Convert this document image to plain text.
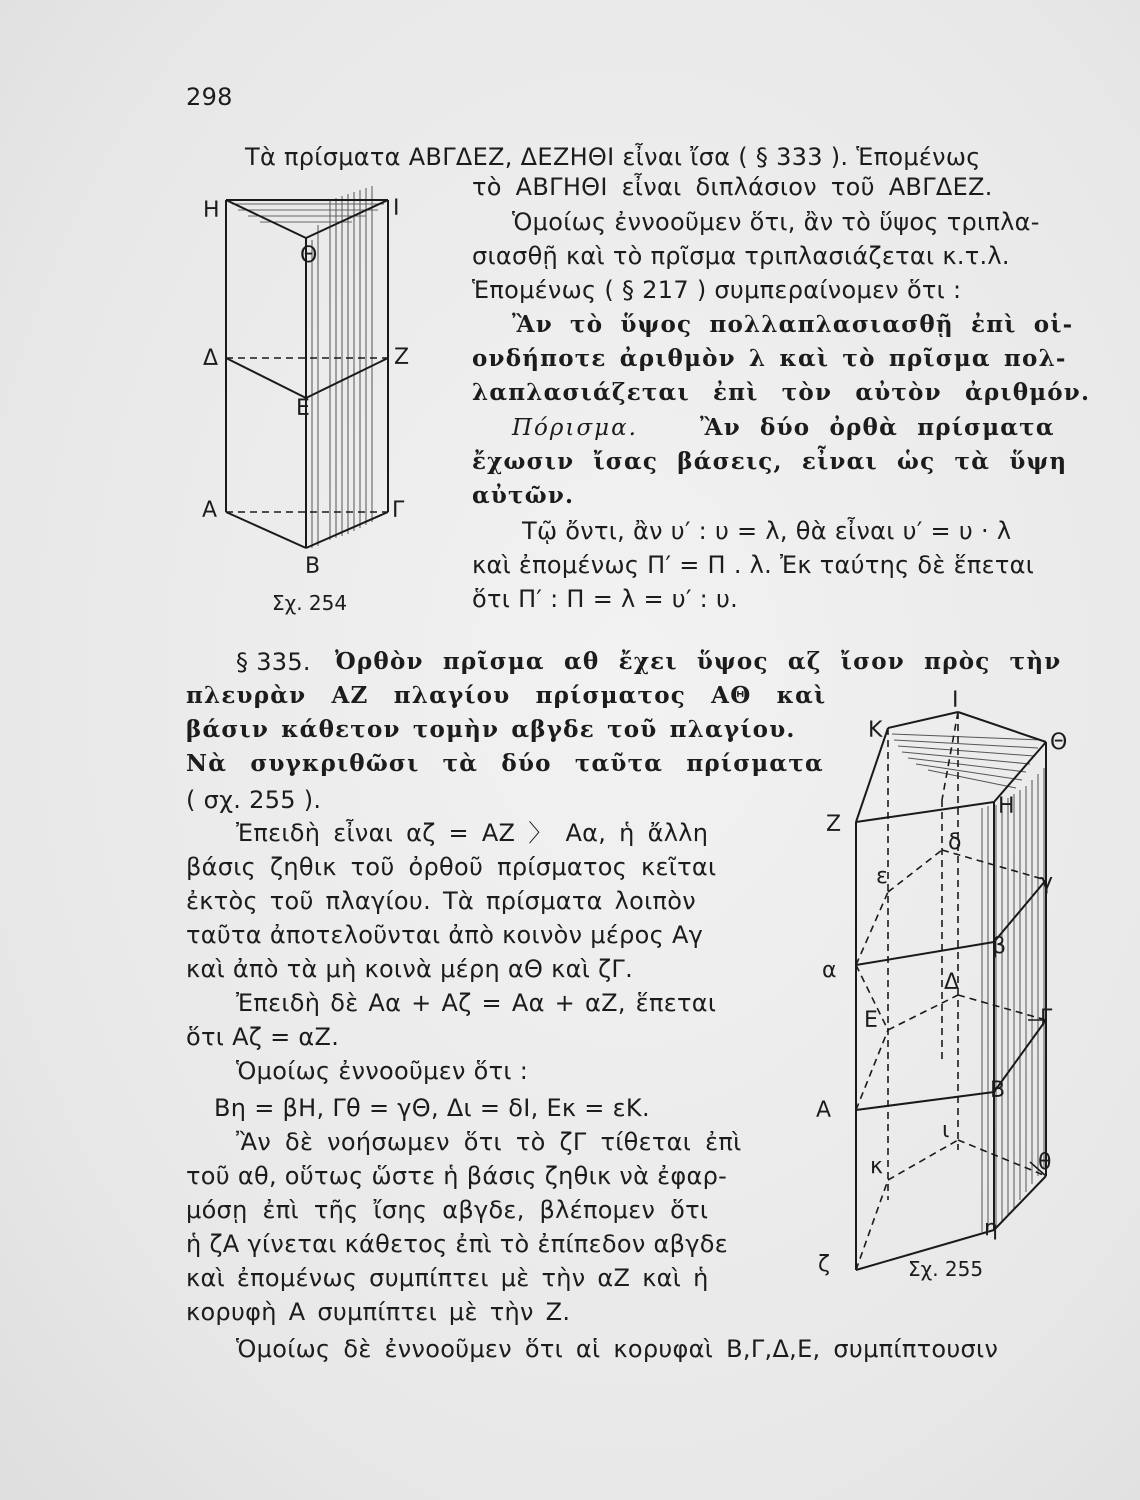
298
Τὰ πρίσματα ΑΒΓΔΕΖ, ΔΕΖΗΘΙ εἶναι ἴσα ( § 333 ). Ἑπομένως
τὸ ΑΒΓΗΘΙ εἶναι διπλάσιον τοῦ ΑΒΓΔΕΖ.
Ὁμοίως ἐννοοῦμεν ὅτι, ἂν τὸ ὕψος τριπλα-
σιασθῇ καὶ τὸ πρῖσμα τριπλασιάζεται κ.τ.λ.
Ἑπομένως ( § 217 ) συμπεραίνομεν ὅτι :
Ἂν τὸ ὕψος πολλαπλασιασθῇ ἐπὶ οἱ-
ονδήποτε ἀριθμὸν λ καὶ τὸ πρῖσμα πολ-
λαπλασιάζεται ἐπὶ τὸν αὐτὸν ἀριθμόν.
Πόρισμα.	Ἂν δύο ὀρθὰ πρίσματα
ἔχωσιν ἴσας βάσεις, εἶναι ὡς τὰ ὕψη
αὐτῶν.
Τῷ ὄντι, ἂν υ′ : υ = λ, θὰ εἶναι υ′ = υ · λ
καὶ ἐπομένως Π′ = Π . λ. Ἐκ ταύτης δὲ ἕπεται
ὅτι Π′ : Π = λ = υ′ : υ.
§ 335. Ὀρθὸν πρῖσμα αθ ἔχει ὕψος αζ ἴσον πρὸς τὴν
πλευρὰν ΑΖ πλαγίου πρίσματος ΑΘ καὶ
βάσιν κάθετον τομὴν αβγδε τοῦ πλαγίου.
Νὰ συγκριθῶσι τὰ δύο ταῦτα πρίσματα
( σχ. 255 ).
Ἐπειδὴ εἶναι αζ = ΑΖ 〉 Αα, ἡ ἄλλη
βάσις ζηθικ τοῦ ὀρθοῦ πρίσματος κεῖται
ἐκτὸς τοῦ πλαγίου. Τὰ πρίσματα λοιπὸν
ταῦτα ἀποτελοῦνται ἀπὸ κοινὸν μέρος Αγ
καὶ ἀπὸ τὰ μὴ κοινὰ μέρη αΘ καὶ ζΓ.
Ἐπειδὴ δὲ Αα + Αζ = Αα + αΖ, ἕπεται
ὅτι Αζ = αΖ.
Ὁμοίως ἐννοοῦμεν ὅτι :
Βη = βΗ, Γθ = γΘ, Δι = δΙ, Εκ = εΚ.
Ἂν δὲ νοήσωμεν ὅτι τὸ ζΓ τίθεται ἐπὶ
τοῦ αθ, οὕτως ὥστε ἡ βάσις ζηθικ νὰ ἐφαρ-
μόσῃ ἐπὶ τῆς ἴσης αβγδε, βλέπομεν ὅτι
ἡ ζΑ γίνεται κάθετος ἐπὶ τὸ ἐπίπεδον αβγδε
καὶ ἐπομένως συμπίπτει μὲ τὴν αΖ καὶ ἡ
κορυφὴ Α συμπίπτει μὲ τὴν Ζ.
Ὁμοίως δὲ ἐννοοῦμεν ὅτι αἱ κορυφαὶ Β,Γ,Δ,Ε, συμπίπτουσιν
Η	Ι
Θ
Δ	Ζ
Ε
Α	Γ
Β
Σχ. 254
Ι
Κ	Θ
Η
Ζ
δ
ε	γ
β
α	Δ
Ε	Γ
Β
Α
ι
κ	θ
η
ζ	Σχ. 255
